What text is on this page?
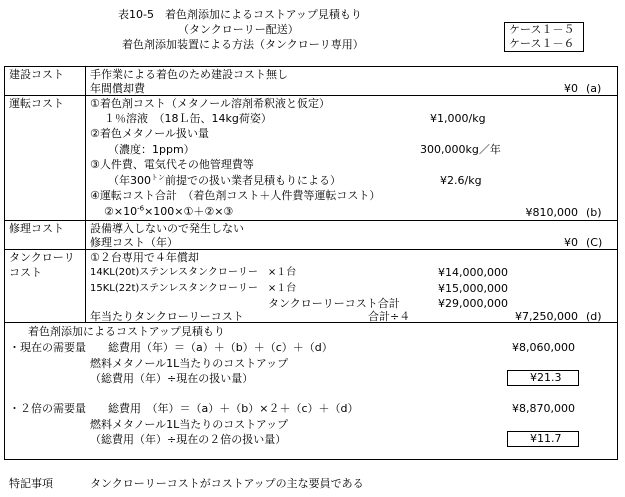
表10-5　着色剤添加によるコストアップ見積もり
（タンクローリー配送）
着色剤添加装置による方法（タンクローリ専用）
ケース１－５
ケース１－６
建設コスト 手作業による着色のため建設コスト無し
年間償却費	¥0 (a)
運転コスト ①着色剤コスト（メタノール溶剤希釈液と仮定）
１％溶液　（18Ｌ缶、14kg荷姿）	¥1,000/kg
②着色メタノール扱い量
（濃度：1ppm）	300,000kg／年
③人件費、電気代その他管理費等
（年$300^{トン}$前提での扱い業者見積もりによる）	¥2.6/kg
④運転コスト合計　（着色剤コスト＋人件費等運転コスト）
$②\times 10^{-6}\times 100\times ①+②\times ③$	¥810,000 (b)
修理コスト 設備導入しないので発生しない
修理コスト（年）	¥0 (C)
タンクローリ
コスト
①２台専用で４年償却
14KL(20t)ステンレスタンクローリー　×１台	¥14,000,000
15KL(22t)ステンレスタンクローリー　×１台	¥15,000,000
タンクローリーコスト合計	¥29,000,000
年当たりタンクローリーコスト	合計÷４	¥7,250,000 (d)
着色剤添加によるコストアップ見積もり
・現在の需要量 総費用（年）＝（a）＋（b）＋（c）＋（d）	¥8,060,000
燃料メタノール1L当たりのコストアップ
（総費用（年）÷現在の扱い量）	¥21.3
・２倍の需要量 総費用　（年）＝（a）＋（b）×２＋（c）＋（d）	¥8,870,000
燃料メタノール1L当たりのコストアップ
（総費用（年）÷現在の２倍の扱い量）	¥11.7
特記事項	タンクローリーコストがコストアップの主な要員である
